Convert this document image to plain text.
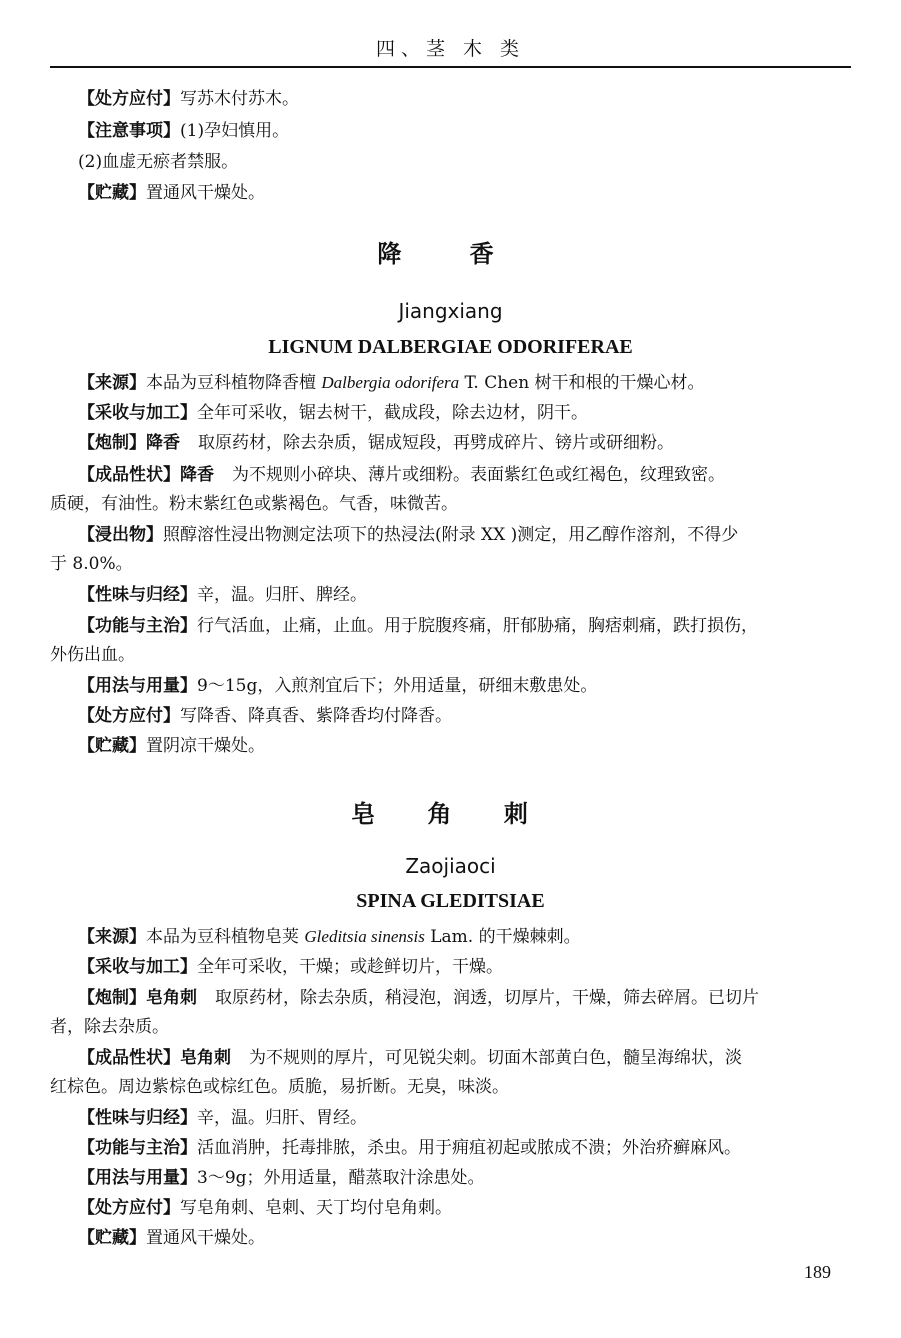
四、茎 木 类
【处方应付】写苏木付苏木。
【注意事项】(1)孕妇慎用。
(2)血虚无瘀者禁服。
【贮藏】置通风干燥处。
降 香
Jiangxiang
LIGNUM DALBERGIAE ODORIFERAE
【来源】本品为豆科植物降香檀 Dalbergia odorifera T. Chen 树干和根的干燥心材。
【采收与加工】全年可采收，锯去树干，截成段，除去边材，阴干。
【炮制】降香 取原药材，除去杂质，锯成短段，再劈成碎片、镑片或研细粉。
【成品性状】降香 为不规则小碎块、薄片或细粉。表面紫红色或红褐色，纹理致密。
质硬，有油性。粉末紫红色或紫褐色。气香，味微苦。
【浸出物】照醇溶性浸出物测定法项下的热浸法(附录 XX )测定，用乙醇作溶剂，不得少
于 8.0%。
【性味与归经】辛，温。归肝、脾经。
【功能与主治】行气活血，止痛，止血。用于脘腹疼痛，肝郁胁痛，胸痞刺痛，跌打损伤，
外伤出血。
【用法与用量】9～15g，入煎剂宜后下；外用适量，研细末敷患处。
【处方应付】写降香、降真香、紫降香均付降香。
【贮藏】置阴凉干燥处。
皂 角 刺
Zaojiaoci
SPINA GLEDITSIAE
【来源】本品为豆科植物皂荚 Gleditsia sinensis Lam. 的干燥棘刺。
【采收与加工】全年可采收，干燥；或趁鲜切片，干燥。
【炮制】皂角刺 取原药材，除去杂质，稍浸泡，润透，切厚片，干燥，筛去碎屑。已切片
者，除去杂质。
【成品性状】皂角刺 为不规则的厚片，可见锐尖刺。切面木部黄白色，髓呈海绵状，淡
红棕色。周边紫棕色或棕红色。质脆，易折断。无臭，味淡。
【性味与归经】辛，温。归肝、胃经。
【功能与主治】活血消肿，托毒排脓，杀虫。用于痈疽初起或脓成不溃；外治疥癣麻风。
【用法与用量】3～9g；外用适量，醋蒸取汁涂患处。
【处方应付】写皂角刺、皂刺、天丁均付皂角刺。
【贮藏】置通风干燥处。
189
